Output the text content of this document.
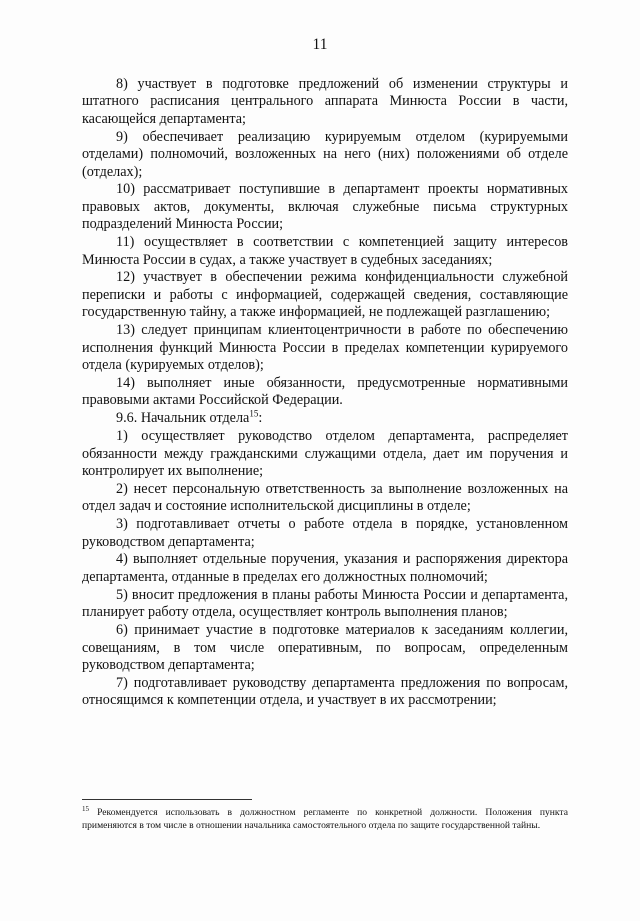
11

8) участвует в подготовке предложений об изменении структуры и штатного расписания центрального аппарата Минюста России в части, касающейся департамента;

9) обеспечивает реализацию курируемым отделом (курируемыми отделами) полномочий, возложенных на него (них) положениями об отделе (отделах);

10) рассматривает поступившие в департамент проекты нормативных правовых актов, документы, включая служебные письма структурных подразделений Минюста России;

11) осуществляет в соответствии с компетенцией защиту интересов Минюста России в судах, а также участвует в судебных заседаниях;

12) участвует в обеспечении режима конфиденциальности служебной переписки и работы с информацией, содержащей сведения, составляющие государственную тайну, а также информацией, не подлежащей разглашению;

13) следует принципам клиентоцентричности в работе по обеспечению исполнения функций Минюста России в пределах компетенции курируемого отдела (курируемых отделов);

14) выполняет иные обязанности, предусмотренные нормативными правовыми актами Российской Федерации.

9.6. Начальник отдела$^{15}$:

1) осуществляет руководство отделом департамента, распределяет обязанности между гражданскими служащими отдела, дает им поручения и контролирует их выполнение;

2) несет персональную ответственность за выполнение возложенных на отдел задач и состояние исполнительской дисциплины в отделе;

3) подготавливает отчеты о работе отдела в порядке, установленном руководством департамента;

4) выполняет отдельные поручения, указания и распоряжения директора департамента, отданные в пределах его должностных полномочий;

5) вносит предложения в планы работы Минюста России и департамента, планирует работу отдела, осуществляет контроль выполнения планов;

6) принимает участие в подготовке материалов к заседаниям коллегии, совещаниям, в том числе оперативным, по вопросам, определенным руководством департамента;

7) подготавливает руководству департамента предложения по вопросам, относящимся к компетенции отдела, и участвует в их рассмотрении;

$^{15}$ Рекомендуется использовать в должностном регламенте по конкретной должности. Положения пункта применяются в том числе в отношении начальника самостоятельного отдела по защите государственной тайны.
